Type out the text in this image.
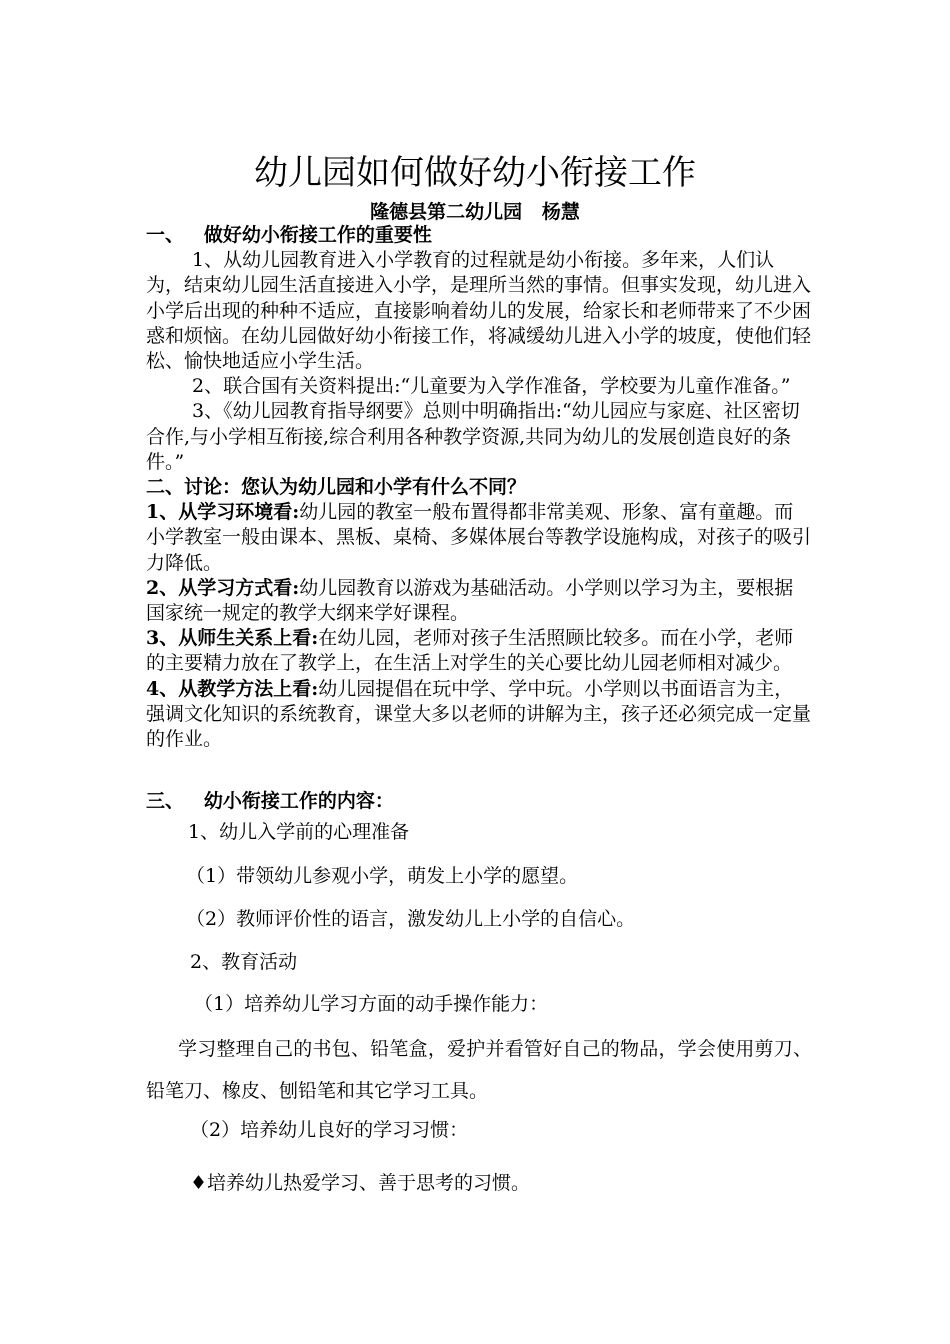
幼儿园如何做好幼小衔接工作
隆德县第二幼儿园   杨慧

一、   做好幼小衔接工作的重要性

1、从幼儿园教育进入小学教育的过程就是幼小衔接。多年来，人们认为，结束幼儿园生活直接进入小学，是理所当然的事情。但事实发现，幼儿进入小学后出现的种种不适应，直接影响着幼儿的发展，给家长和老师带来了不少困惑和烦恼。在幼儿园做好幼小衔接工作，将减缓幼儿进入小学的坡度，使他们轻松、愉快地适应小学生活。

2、联合国有关资料提出:“儿童要为入学作准备，学校要为儿童作准备。”

3、《幼儿园教育指导纲要》总则中明确指出:“幼儿园应与家庭、社区密切合作,与小学相互衔接,综合利用各种教学资源,共同为幼儿的发展创造良好的条件。”

二、讨论：您认为幼儿园和小学有什么不同？

1、从学习环境看:幼儿园的教室一般布置得都非常美观、形象、富有童趣。而小学教室一般由课本、黑板、桌椅、多媒体展台等教学设施构成，对孩子的吸引力降低。

2、从学习方式看:幼儿园教育以游戏为基础活动。小学则以学习为主，要根据国家统一规定的教学大纲来学好课程。

3、从师生关系上看:在幼儿园，老师对孩子生活照顾比较多。而在小学，老师的主要精力放在了教学上，在生活上对学生的关心要比幼儿园老师相对减少。

4、从教学方法上看:幼儿园提倡在玩中学、学中玩。小学则以书面语言为主，强调文化知识的系统教育，课堂大多以老师的讲解为主，孩子还必须完成一定量的作业。

三、   幼小衔接工作的内容：

1、幼儿入学前的心理准备
（1）带领幼儿参观小学，萌发上小学的愿望。
（2）教师评价性的语言，激发幼儿上小学的自信心。
2、教育活动
（1）培养幼儿学习方面的动手操作能力：

学习整理自己的书包、铅笔盒，爱护并看管好自己的物品，学会使用剪刀、铅笔刀、橡皮、刨铅笔和其它学习工具。

（2）培养幼儿良好的学习习惯：
♦培养幼儿热爱学习、善于思考的习惯。
